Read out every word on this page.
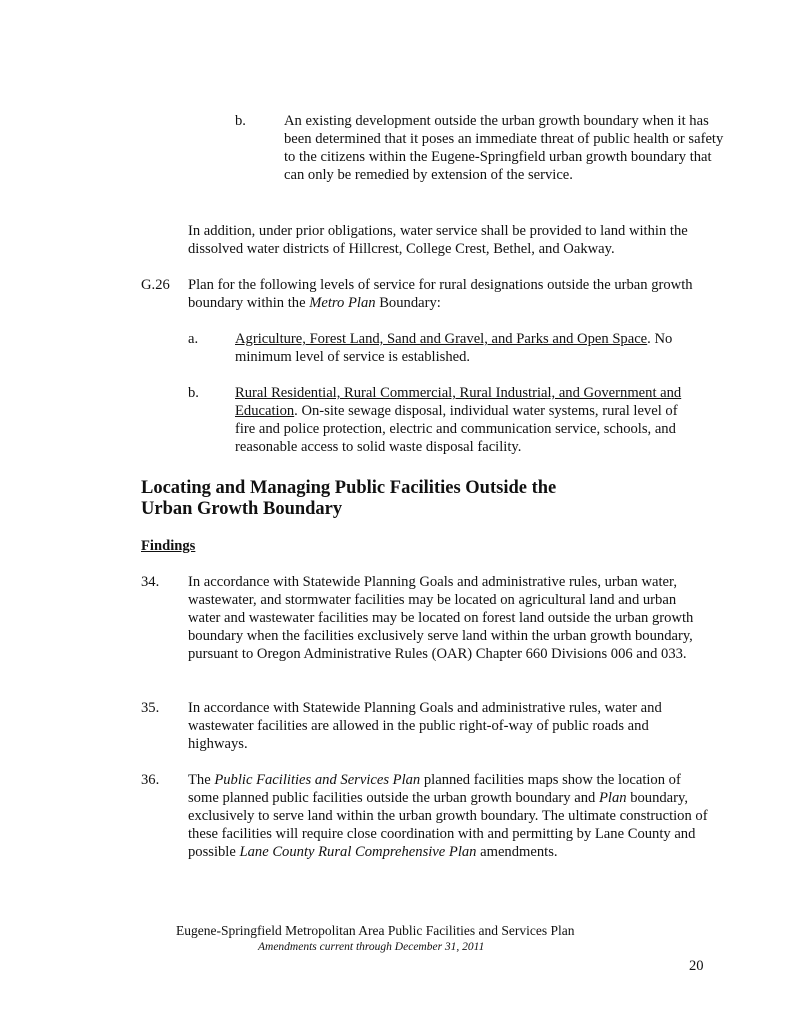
b.	An existing development outside the urban growth boundary when it has been determined that it poses an immediate threat of public health or safety to the citizens within the Eugene-Springfield urban growth boundary that can only be remedied by extension of the service.
In addition, under prior obligations, water service shall be provided to land within the dissolved water districts of Hillcrest, College Crest, Bethel, and Oakway.
G.26 Plan for the following levels of service for rural designations outside the urban growth boundary within the Metro Plan Boundary:
a.	Agriculture, Forest Land, Sand and Gravel, and Parks and Open Space. No minimum level of service is established.
b. Rural Residential, Rural Commercial, Rural Industrial, and Government and Education. On-site sewage disposal, individual water systems, rural level of fire and police protection, electric and communication service, schools, and reasonable access to solid waste disposal facility.
Locating and Managing Public Facilities Outside the Urban Growth Boundary
Findings
34. In accordance with Statewide Planning Goals and administrative rules, urban water, wastewater, and stormwater facilities may be located on agricultural land and urban water and wastewater facilities may be located on forest land outside the urban growth boundary when the facilities exclusively serve land within the urban growth boundary, pursuant to Oregon Administrative Rules (OAR) Chapter 660 Divisions 006 and 033.
35. In accordance with Statewide Planning Goals and administrative rules, water and wastewater facilities are allowed in the public right-of-way of public roads and highways.
36. The Public Facilities and Services Plan planned facilities maps show the location of some planned public facilities outside the urban growth boundary and Plan boundary, exclusively to serve land within the urban growth boundary. The ultimate construction of these facilities will require close coordination with and permitting by Lane County and possible Lane County Rural Comprehensive Plan amendments.
Eugene-Springfield Metropolitan Area Public Facilities and Services Plan
Amendments current through December 31, 2011
20
